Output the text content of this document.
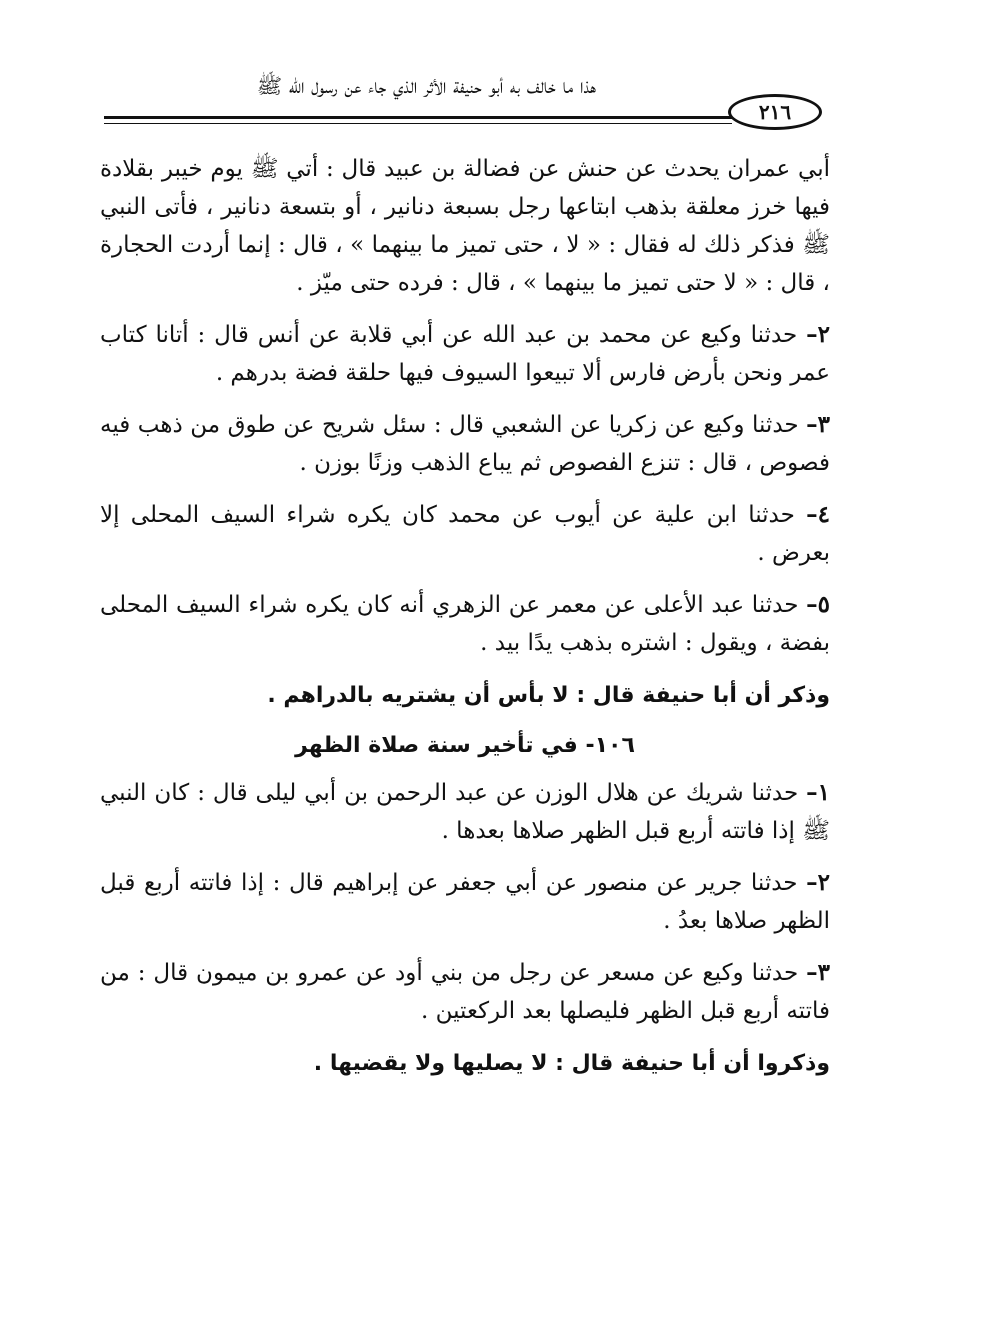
هذا ما خالف به أبو حنيفة الأثر الذي جاء عن رسول الله ﷺ
٢١٦

أبي عمران يحدث عن حنش عن فضالة بن عبيد قال : أتي ﷺ يوم خيبر بقلادة فيها خرز معلقة بذهب ابتاعها رجل بسبعة دنانير ، أو بتسعة دنانير ، فأتى النبي ﷺ فذكر ذلك له فقال : « لا ، حتى تميز ما بينهما » ، قال : إنما أردت الحجارة ، قال : « لا حتى تميز ما بينهما » ، قال : فرده حتى ميّز .

٢– حدثنا وكيع عن محمد بن عبد الله عن أبي قلابة عن أنس قال : أتانا كتاب عمر ونحن بأرض فارس ألا تبيعوا السيوف فيها حلقة فضة بدرهم .

٣– حدثنا وكيع عن زكريا عن الشعبي قال : سئل شريح عن طوق من ذهب فيه فصوص ، قال : تنزع الفصوص ثم يباع الذهب وزنًا بوزن .

٤– حدثنا ابن علية عن أيوب عن محمد كان يكره شراء السيف المحلى إلا بعرض .

٥– حدثنا عبد الأعلى عن معمر عن الزهري أنه كان يكره شراء السيف المحلى بفضة ، ويقول : اشتره بذهب يدًا بيد .

وذكر أن أبا حنيفة قال : لا بأس أن يشتريه بالدراهم .

١٠٦- في تأخير سنة صلاة الظهر

١– حدثنا شريك عن هلال الوزن عن عبد الرحمن بن أبي ليلى قال : كان النبي ﷺ إذا فاتته أربع قبل الظهر صلاها بعدها .

٢– حدثنا جرير عن منصور عن أبي جعفر عن إبراهيم قال : إذا فاتته أربع قبل الظهر صلاها بعدُ .

٣– حدثنا وكيع عن مسعر عن رجل من بني أود عن عمرو بن ميمون قال : من فاتته أربع قبل الظهر فليصلها بعد الركعتين .

وذكروا أن أبا حنيفة قال : لا يصليها ولا يقضيها .
